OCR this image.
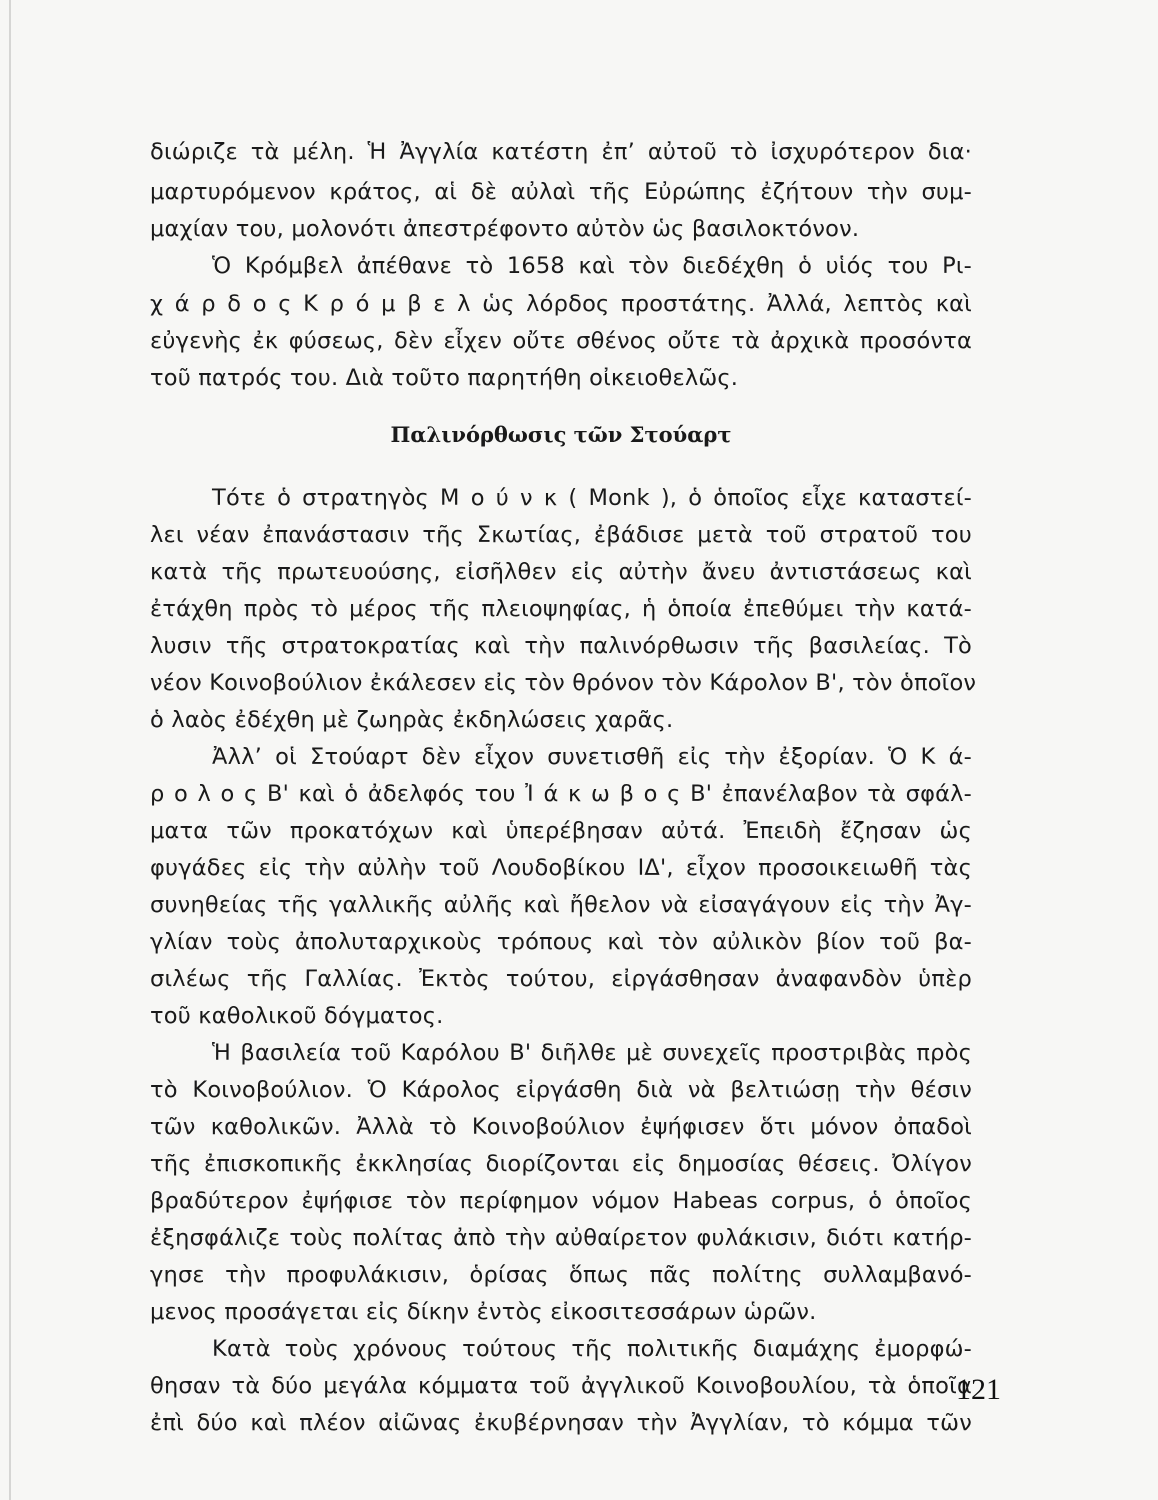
διώριζε τὰ μέλη. Ἡ Ἀγγλία κατέστη ἐπ’ αὐτοῦ τὸ ἰσχυρότερον δια·
μαρτυρόμενον κράτος, αἱ δὲ αὐλαὶ τῆς Εὐρώπης ἐζήτουν τὴν συμ-
μαχίαν του, μολονότι ἀπεστρέφοντο αὐτὸν ὡς βασιλοκτόνον.
Ὁ Κρόμβελ ἀπέθανε τὸ 1658 καὶ τὸν διεδέχθη ὁ υἱός του Ρι-
χ ά ρ δ ο ς Κ ρ ό μ β ε λ ὡς λόρδος προστάτης. Ἀλλά, λεπτὸς καὶ
εὐγενὴς ἐκ φύσεως, δὲν εἶχεν οὔτε σθένος οὔτε τὰ ἀρχικὰ προσόντα
τοῦ πατρός του. Διὰ τοῦτο παρητήθη οἰκειοθελῶς.
Παλινόρθωσις τῶν Στούαρτ
Τότε ὁ στρατηγὸς Μ ο ύ ν κ ( Monk ), ὁ ὁποῖος εἶχε καταστεί-
λει νέαν ἐπανάστασιν τῆς Σκωτίας, ἐβάδισε μετὰ τοῦ στρατοῦ του
κατὰ τῆς πρωτευούσης, εἰσῆλθεν εἰς αὐτὴν ἄνευ ἀντιστάσεως καὶ
ἐτάχθη πρὸς τὸ μέρος τῆς πλειοψηφίας, ἡ ὁποία ἐπεθύμει τὴν κατά-
λυσιν τῆς στρατοκρατίας καὶ τὴν παλινόρθωσιν τῆς βασιλείας. Τὸ
νέον Κοινοβούλιον ἐκάλεσεν εἰς τὸν θρόνον τὸν Κάρολον Β', τὸν ὁποῖον
ὁ λαὸς ἐδέχθη μὲ ζωηρὰς ἐκδηλώσεις χαρᾶς.
Ἀλλ’ οἱ Στούαρτ δὲν εἶχον συνετισθῆ εἰς τὴν ἐξορίαν. Ὁ Κ ά-
ρ ο λ ο ς Β' καὶ ὁ ἀδελφός του Ἰ ά κ ω β ο ς Β' ἐπανέλαβον τὰ σφάλ-
ματα τῶν προκατόχων καὶ ὑπερέβησαν αὐτά. Ἐπειδὴ ἔζησαν ὡς
φυγάδες εἰς τὴν αὐλὴν τοῦ Λουδοβίκου ΙΔ', εἶχον προσοικειωθῆ τὰς
συνηθείας τῆς γαλλικῆς αὐλῆς καὶ ἤθελον νὰ εἰσαγάγουν εἰς τὴν Ἀγ-
γλίαν τοὺς ἀπολυταρχικοὺς τρόπους καὶ τὸν αὐλικὸν βίον τοῦ βα-
σιλέως τῆς Γαλλίας. Ἐκτὸς τούτου, εἰργάσθησαν ἀναφανδὸν ὑπὲρ
τοῦ καθολικοῦ δόγματος.
Ἡ βασιλεία τοῦ Καρόλου Β' διῆλθε μὲ συνεχεῖς προστριβὰς πρὸς
τὸ Κοινοβούλιον. Ὁ Κάρολος εἰργάσθη διὰ νὰ βελτιώσῃ τὴν θέσιν
τῶν καθολικῶν. Ἀλλὰ τὸ Κοινοβούλιον ἐψήφισεν ὅτι μόνον ὀπαδοὶ
τῆς ἐπισκοπικῆς ἐκκλησίας διορίζονται εἰς δημοσίας θέσεις. Ὀλίγον
βραδύτερον ἐψήφισε τὸν περίφημον νόμον Habeas corpus, ὁ ὁποῖος
ἐξησφάλιζε τοὺς πολίτας ἀπὸ τὴν αὐθαίρετον φυλάκισιν, διότι κατήρ-
γησε τὴν προφυλάκισιν, ὁρίσας ὅπως πᾶς πολίτης συλλαμβανό-
μενος προσάγεται εἰς δίκην ἐντὸς εἰκοσιτεσσάρων ὡρῶν.
Κατὰ τοὺς χρόνους τούτους τῆς πολιτικῆς διαμάχης ἐμορφώ-
θησαν τὰ δύο μεγάλα κόμματα τοῦ ἀγγλικοῦ Κοινοβουλίου, τὰ ὁποῖα
ἐπὶ δύο καὶ πλέον αἰῶνας ἐκυβέρνησαν τὴν Ἀγγλίαν, τὸ κόμμα τῶν
121
